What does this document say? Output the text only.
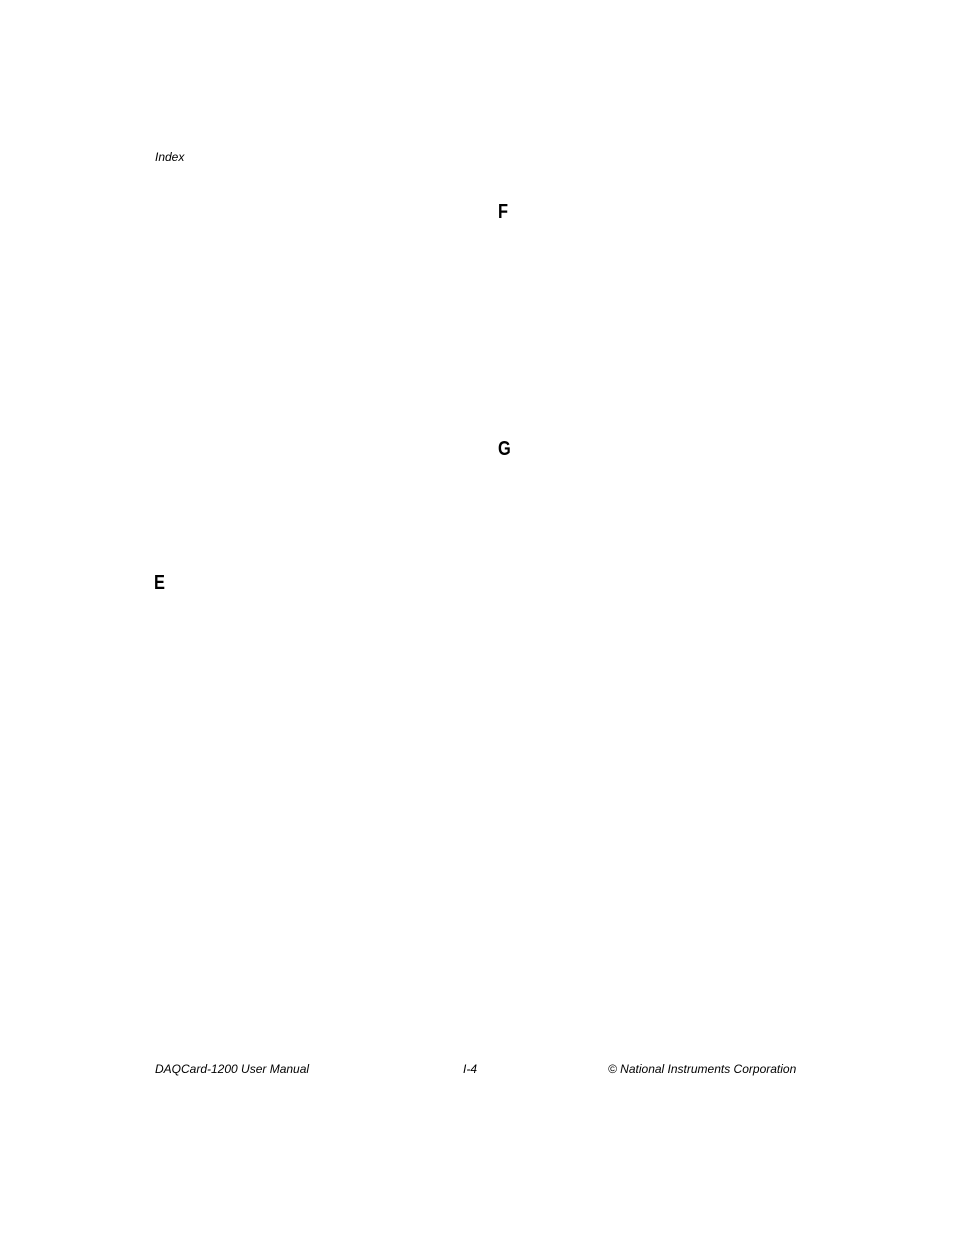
Index
F
G
E
DAQCard-1200 User Manual	I-4	© National Instruments Corporation
